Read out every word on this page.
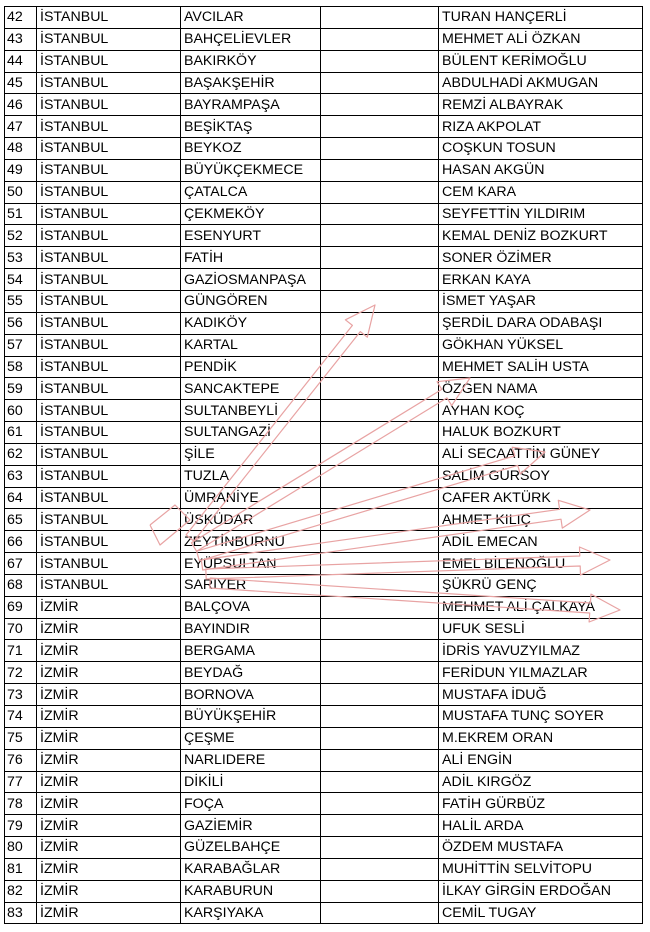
42	İSTANBUL	AVCILAR		TURAN HANÇERLİ
43	İSTANBUL	BAHÇELİEVLER		MEHMET ALİ ÖZKAN
44	İSTANBUL	BAKIRKÖY		BÜLENT KERİMOĞLU
45	İSTANBUL	BAŞAKŞEHİR		ABDULHADİ AKMUGAN
46	İSTANBUL	BAYRAMPAŞA		REMZİ ALBAYRAK
47	İSTANBUL	BEŞİKTAŞ		RIZA AKPOLAT
48	İSTANBUL	BEYKOZ		COŞKUN TOSUN
49	İSTANBUL	BÜYÜKÇEKMECE		HASAN AKGÜN
50	İSTANBUL	ÇATALCA		CEM KARA
51	İSTANBUL	ÇEKMEKÖY		SEYFETTİN YILDIRIM
52	İSTANBUL	ESENYURT		KEMAL DENİZ BOZKURT
53	İSTANBUL	FATİH		SONER ÖZİMER
54	İSTANBUL	GAZİOSMANPAŞA		ERKAN KAYA
55	İSTANBUL	GÜNGÖREN		İSMET YAŞAR
56	İSTANBUL	KADIKÖY		ŞERDİL DARA ODABAŞI
57	İSTANBUL	KARTAL		GÖKHAN YÜKSEL
58	İSTANBUL	PENDİK		MEHMET SALİH USTA
59	İSTANBUL	SANCAKTEPE		ÖZGEN NAMA
60	İSTANBUL	SULTANBEYLİ		AYHAN KOÇ
61	İSTANBUL	SULTANGAZİ		HALUK BOZKURT
62	İSTANBUL	ŞİLE		ALİ SECAATTİN GÜNEY
63	İSTANBUL	TUZLA		SALİM GÜRSOY
64	İSTANBUL	ÜMRANİYE		CAFER AKTÜRK
65	İSTANBUL	ÜSKÜDAR		AHMET KILIÇ
66	İSTANBUL	ZEYTİNBURNU		ADİL EMECAN
67	İSTANBUL	EYÜPSULTAN		EMEL BİLENOĞLU
68	İSTANBUL	SARIYER		ŞÜKRÜ GENÇ
69	İZMİR	BALÇOVA		MEHMET ALİ ÇALKAYA
70	İZMİR	BAYINDIR		UFUK SESLİ
71	İZMİR	BERGAMA		İDRİS YAVUZYILMAZ
72	İZMİR	BEYDAĞ		FERİDUN YILMAZLAR
73	İZMİR	BORNOVA		MUSTAFA İDUĞ
74	İZMİR	BÜYÜKŞEHİR		MUSTAFA TUNÇ SOYER
75	İZMİR	ÇEŞME		M.EKREM ORAN
76	İZMİR	NARLIDERE		ALİ ENGİN
77	İZMİR	DİKİLİ		ADİL KIRGÖZ
78	İZMİR	FOÇA		FATİH GÜRBÜZ
79	İZMİR	GAZİEMİR		HALİL ARDA
80	İZMİR	GÜZELBAHÇE		ÖZDEM MUSTAFA
81	İZMİR	KARABAĞLAR		MUHİTTİN SELVİTOPU
82	İZMİR	KARABURUN		İLKAY GİRGİN ERDOĞAN
83	İZMİR	KARŞIYAKA		CEMİL TUGAY
